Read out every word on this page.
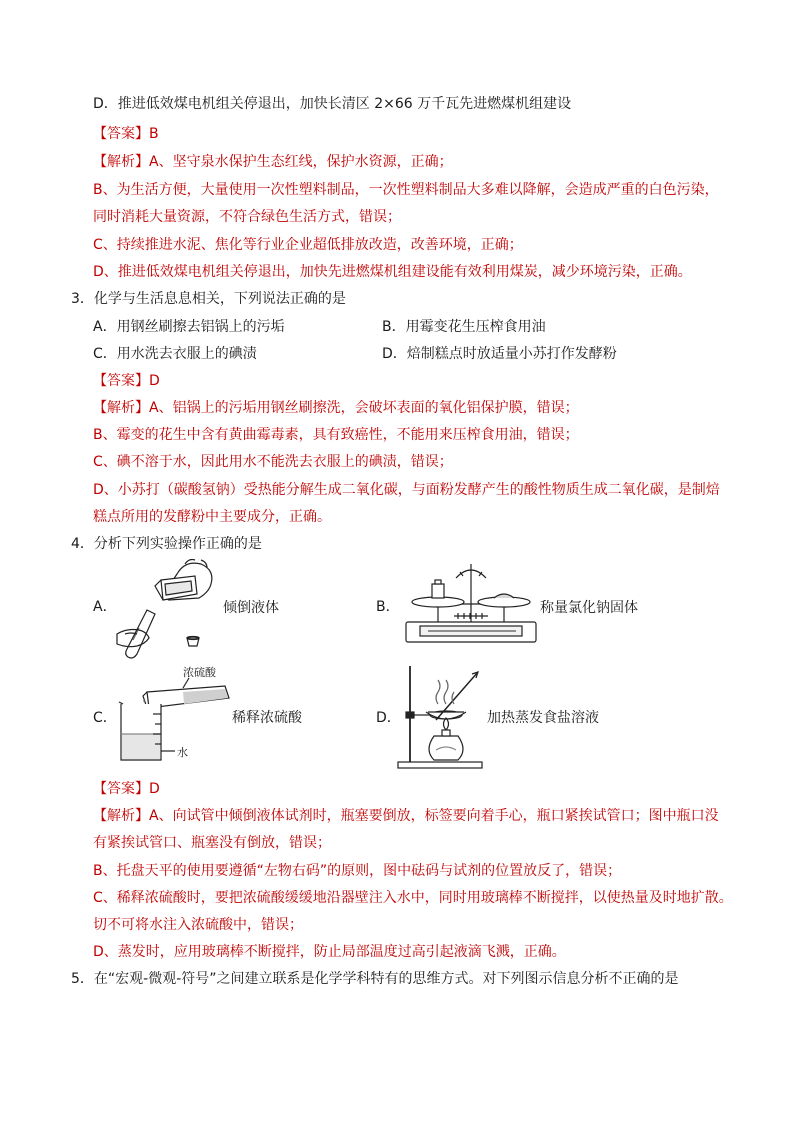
D．推进低效煤电机组关停退出，加快长清区 2×66 万千瓦先进燃煤机组建设
【答案】B
【解析】A、坚守泉水保护生态红线，保护水资源，正确；
B、为生活方便，大量使用一次性塑料制品，一次性塑料制品大多难以降解，会造成严重的白色污染，
同时消耗大量资源，不符合绿色生活方式，错误；
C、持续推进水泥、焦化等行业企业超低排放改造，改善环境，正确；
D、推进低效煤电机组关停退出，加快先进燃煤机组建设能有效利用煤炭，减少环境污染，正确。
3．化学与生活息息相关，下列说法正确的是
A．用钢丝刷擦去铝锅上的污垢	B．用霉变花生压榨食用油
C．用水洗去衣服上的碘渍	D．焙制糕点时放适量小苏打作发酵粉
【答案】D
【解析】A、铝锅上的污垢用钢丝刷擦洗，会破坏表面的氧化铝保护膜，错误；
B、霉变的花生中含有黄曲霉毒素，具有致癌性，不能用来压榨食用油，错误；
C、碘不溶于水，因此用水不能洗去衣服上的碘渍，错误；
D、小苏打（碳酸氢钠）受热能分解生成二氧化碳，与面粉发酵产生的酸性物质生成二氧化碳，是制焙
糕点所用的发酵粉中主要成分，正确。
4．分析下列实验操作正确的是
A．	倾倒液体	B．	称量氯化钠固体
C．
浓硫酸
水
稀释浓硫酸	D．	加热蒸发食盐溶液
【答案】D
【解析】A、向试管中倾倒液体试剂时，瓶塞要倒放，标签要向着手心，瓶口紧挨试管口；图中瓶口没
有紧挨试管口、瓶塞没有倒放，错误；
B、托盘天平的使用要遵循“左物右码”的原则，图中砝码与试剂的位置放反了，错误；
C、稀释浓硫酸时，要把浓硫酸缓缓地沿器壁注入水中，同时用玻璃棒不断搅拌，以使热量及时地扩散。
切不可将水注入浓硫酸中，错误；
D、蒸发时，应用玻璃棒不断搅拌，防止局部温度过高引起液滴飞溅，正确。
5．在“宏观-微观-符号”之间建立联系是化学学科特有的思维方式。对下列图示信息分析不正确的是
